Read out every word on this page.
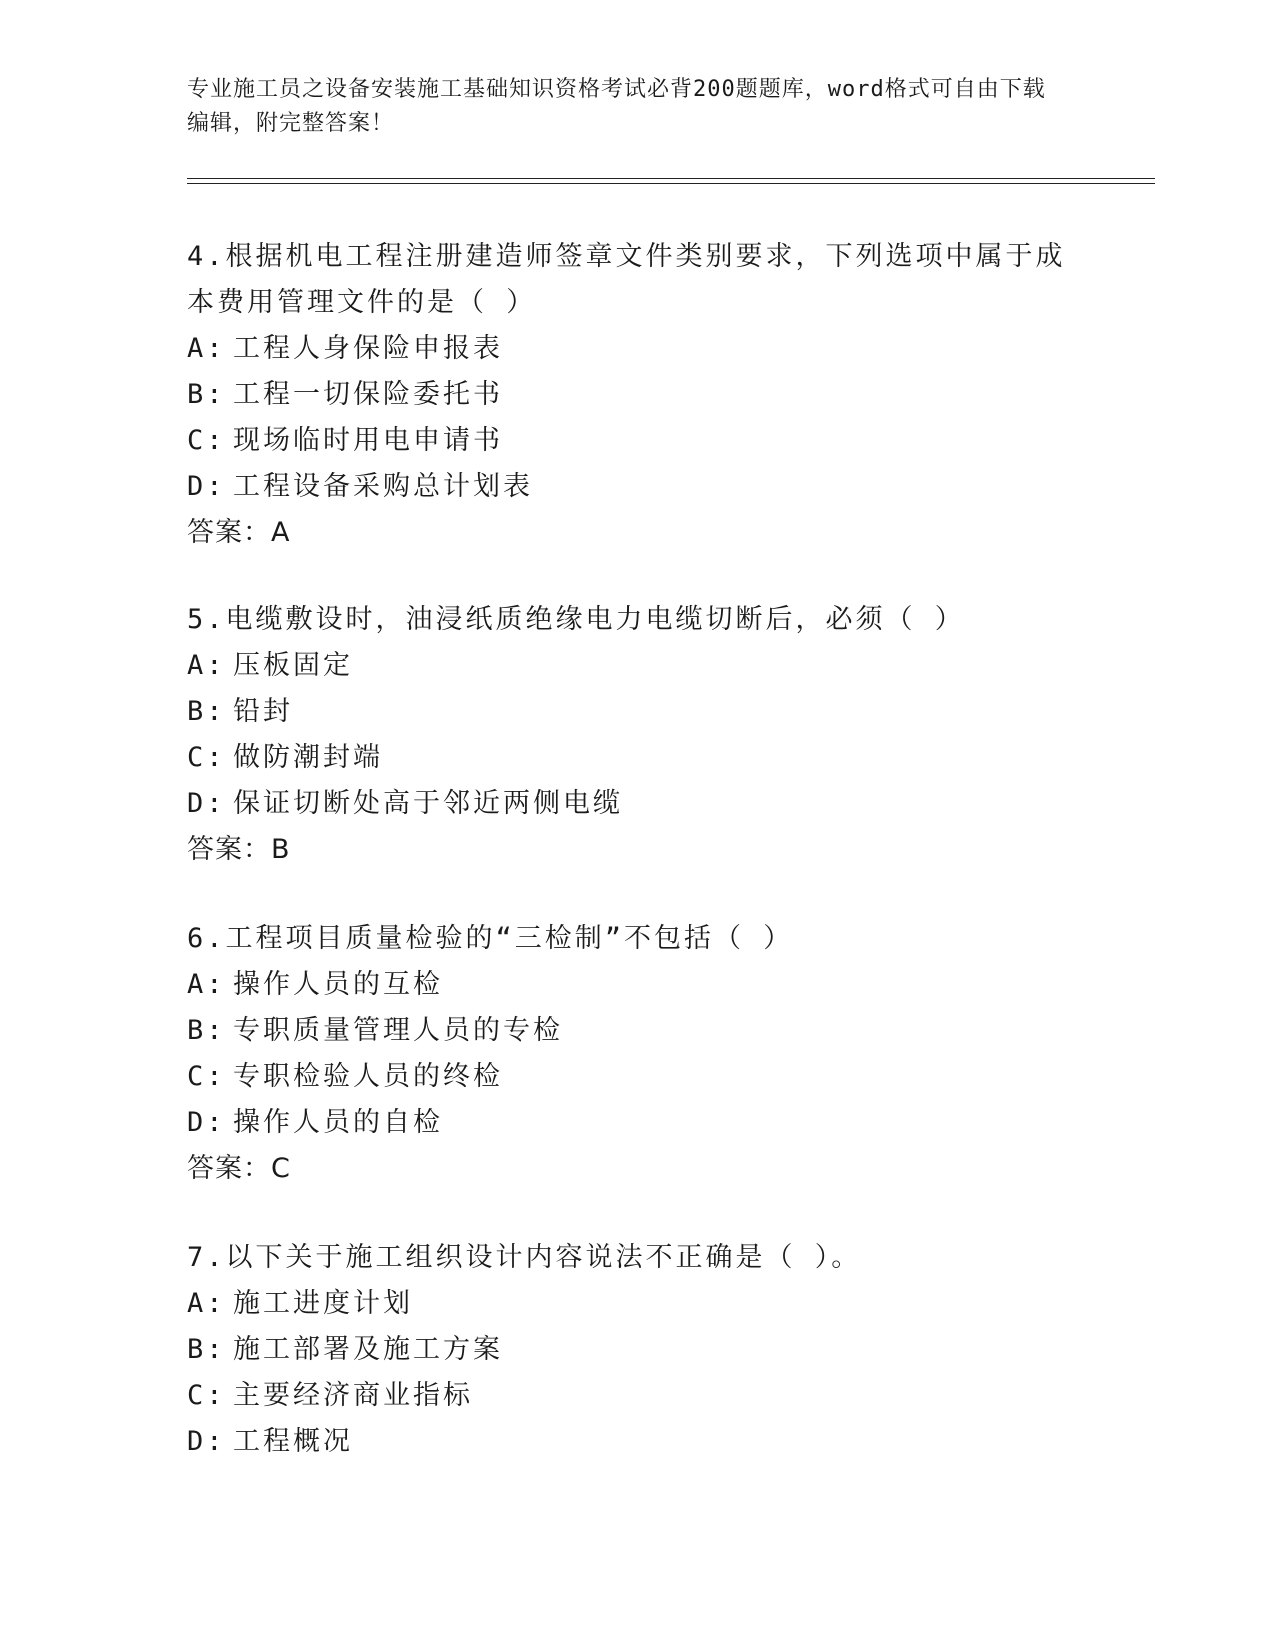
专业施工员之设备安装施工基础知识资格考试必背200题题库，word格式可自由下载编辑，附完整答案！

4.根据机电工程注册建造师签章文件类别要求，下列选项中属于成本费用管理文件的是（ ）

A: 工程人身保险申报表

B: 工程一切保险委托书

C: 现场临时用电申请书

D: 工程设备采购总计划表

答案：A

5.电缆敷设时，油浸纸质绝缘电力电缆切断后，必须（ ）

A: 压板固定

B: 铅封

C: 做防潮封端

D: 保证切断处高于邻近两侧电缆

答案：B

6.工程项目质量检验的“三检制”不包括（ ）

A: 操作人员的互检

B: 专职质量管理人员的专检

C: 专职检验人员的终检

D: 操作人员的自检

答案：C

7.以下关于施工组织设计内容说法不正确是（ ）。

A: 施工进度计划

B: 施工部署及施工方案

C: 主要经济商业指标

D: 工程概况
